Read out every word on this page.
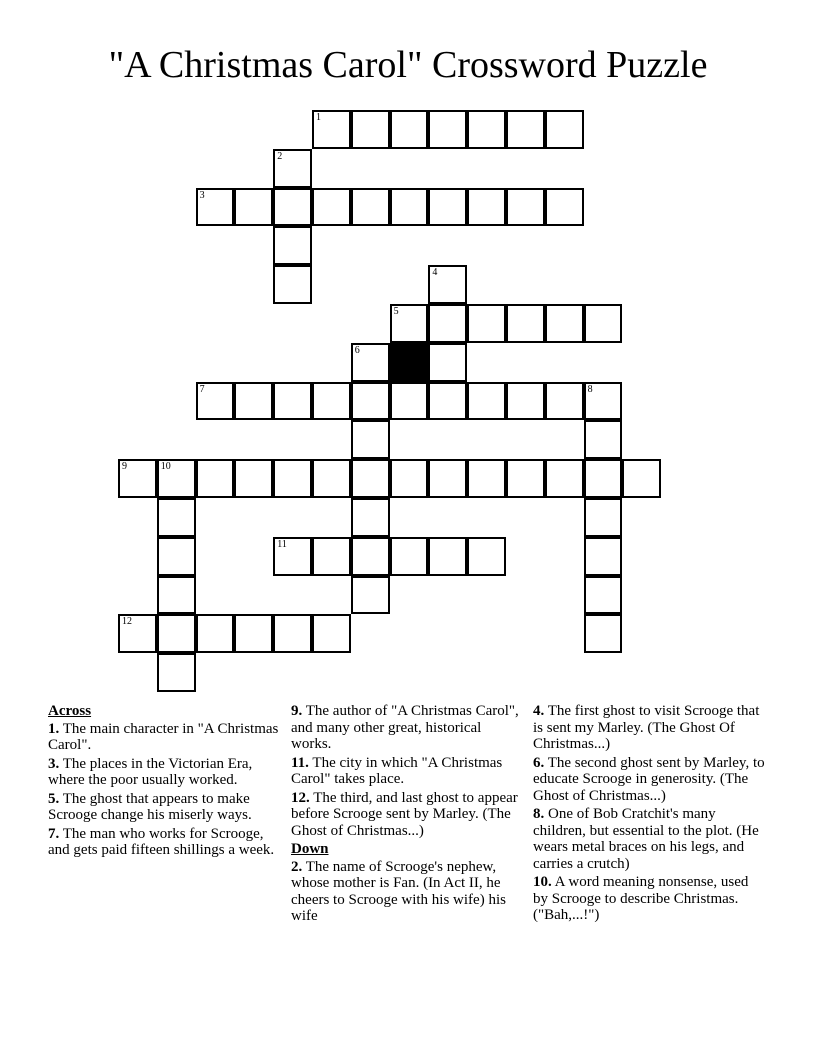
"A Christmas Carol" Crossword Puzzle
1
2
3
4
5
6
7	8
9	10
11
12
Across
1. The main character in "A Christmas Carol".
3. The places in the Victorian Era, where the poor usually worked.
5. The ghost that appears to make Scrooge change his miserly ways.
7. The man who works for Scrooge, and gets paid fifteen shillings a week.
9. The author of "A Christmas Carol", and many other great, historical works.
11. The city in which "A Christmas Carol" takes place.
12. The third, and last ghost to appear before Scrooge sent by Marley. (The Ghost of Christmas...)
Down
2. The name of Scrooge's nephew, whose mother is Fan. (In Act II, he cheers to Scrooge with his wife) his wife
4. The first ghost to visit Scrooge that is sent my Marley. (The Ghost Of Christmas...)
6. The second ghost sent by Marley, to educate Scrooge in generosity. (The Ghost of Christmas...)
8. One of Bob Cratchit's many children, but essential to the plot. (He wears metal braces on his legs, and carries a crutch)
10. A word meaning nonsense, used by Scrooge to describe Christmas. ("Bah,...!")
